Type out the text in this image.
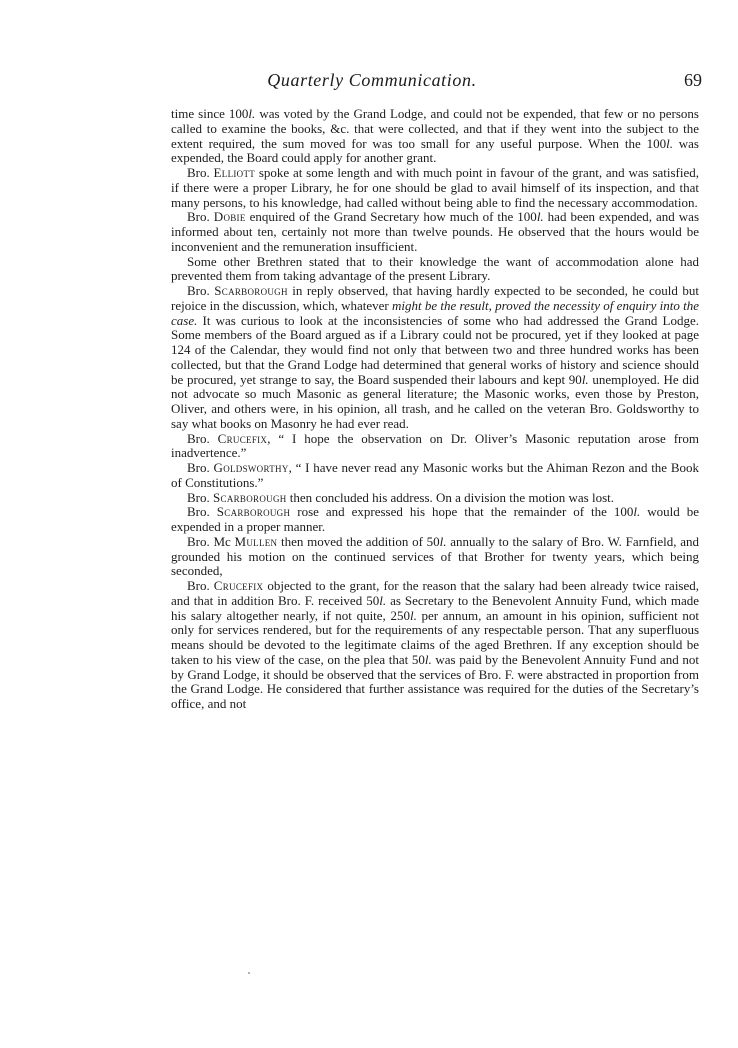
Quarterly Communication.	69

time since 100l. was voted by the Grand Lodge, and could not be expended, that few or no persons called to examine the books, &c. that were collected, and that if they went into the subject to the extent required, the sum moved for was too small for any useful purpose. When the 100l. was expended, the Board could apply for another grant.

Bro. Elliott spoke at some length and with much point in favour of the grant, and was satisfied, if there were a proper Library, he for one should be glad to avail himself of its inspection, and that many persons, to his knowledge, had called without being able to find the necessary accommodation.

Bro. Dobie enquired of the Grand Secretary how much of the 100l. had been expended, and was informed about ten, certainly not more than twelve pounds. He observed that the hours would be inconvenient and the remuneration insufficient.

Some other Brethren stated that to their knowledge the want of accommodation alone had prevented them from taking advantage of the present Library.

Bro. Scarborough in reply observed, that having hardly expected to be seconded, he could but rejoice in the discussion, which, whatever might be the result, proved the necessity of enquiry into the case. It was curious to look at the inconsistencies of some who had addressed the Grand Lodge. Some members of the Board argued as if a Library could not be procured, yet if they looked at page 124 of the Calendar, they would find not only that between two and three hundred works has been collected, but that the Grand Lodge had determined that general works of history and science should be procured, yet strange to say, the Board suspended their labours and kept 90l. unemployed. He did not advocate so much Masonic as general literature; the Masonic works, even those by Preston, Oliver, and others were, in his opinion, all trash, and he called on the veteran Bro. Goldsworthy to say what books on Masonry he had ever read.

Bro. Crucefix, “ I hope the observation on Dr. Oliver’s Masonic reputation arose from inadvertence.”

Bro. Goldsworthy, “ I have never read any Masonic works but the Ahiman Rezon and the Book of Constitutions.”

Bro. Scarborough then concluded his address. On a division the motion was lost.

Bro. Scarborough rose and expressed his hope that the remainder of the 100l. would be expended in a proper manner.

Bro. Mc Mullen then moved the addition of 50l. annually to the salary of Bro. W. Farnfield, and grounded his motion on the continued services of that Brother for twenty years, which being seconded,

Bro. Crucefix objected to the grant, for the reason that the salary had been already twice raised, and that in addition Bro. F. received 50l. as Secretary to the Benevolent Annuity Fund, which made his salary altogether nearly, if not quite, 250l. per annum, an amount in his opinion, sufficient not only for services rendered, but for the requirements of any respectable person. That any superfluous means should be devoted to the legitimate claims of the aged Brethren. If any exception should be taken to his view of the case, on the plea that 50l. was paid by the Benevolent Annuity Fund and not by Grand Lodge, it should be observed that the services of Bro. F. were abstracted in proportion from the Grand Lodge. He considered that further assistance was required for the duties of the Secretary’s office, and not
